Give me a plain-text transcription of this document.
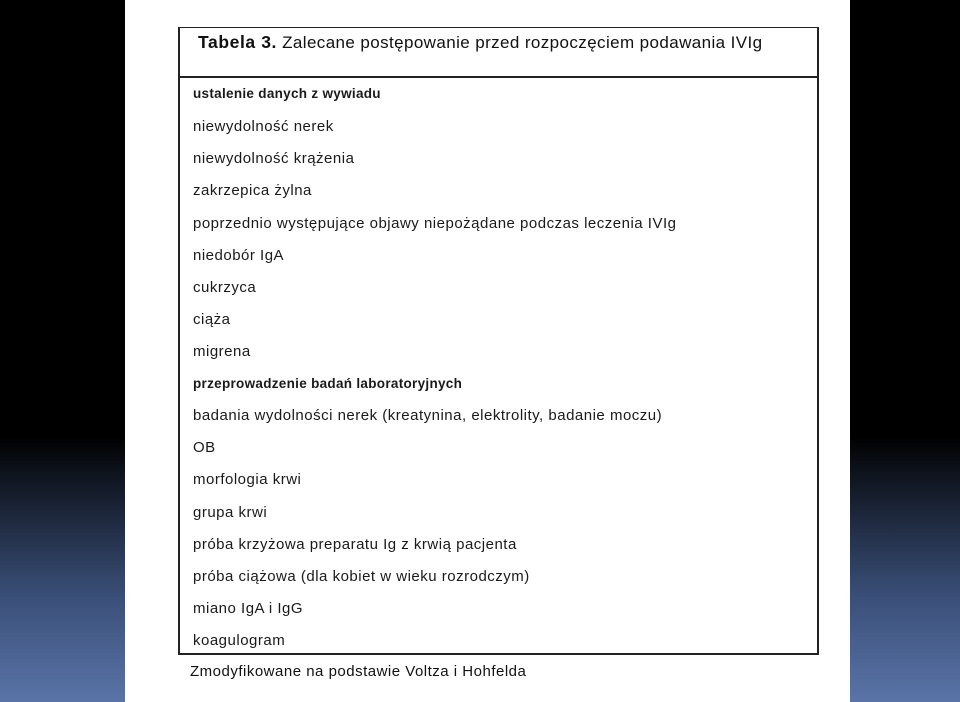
Tabela 3. Zalecane postępowanie przed rozpoczęciem podawania IVIg
ustalenie danych z wywiadu
niewydolność nerek
niewydolność krążenia
zakrzepica żylna
poprzednio występujące objawy niepożądane podczas leczenia IVIg
niedobór IgA
cukrzyca
ciąża
migrena
przeprowadzenie badań laboratoryjnych
badania wydolności nerek (kreatynina, elektrolity, badanie moczu)
OB
morfologia krwi
grupa krwi
próba krzyżowa preparatu Ig z krwią pacjenta
próba ciążowa (dla kobiet w wieku rozrodczym)
miano IgA i IgG
koagulogram
Zmodyfikowane na podstawie Voltza i Hohfelda
